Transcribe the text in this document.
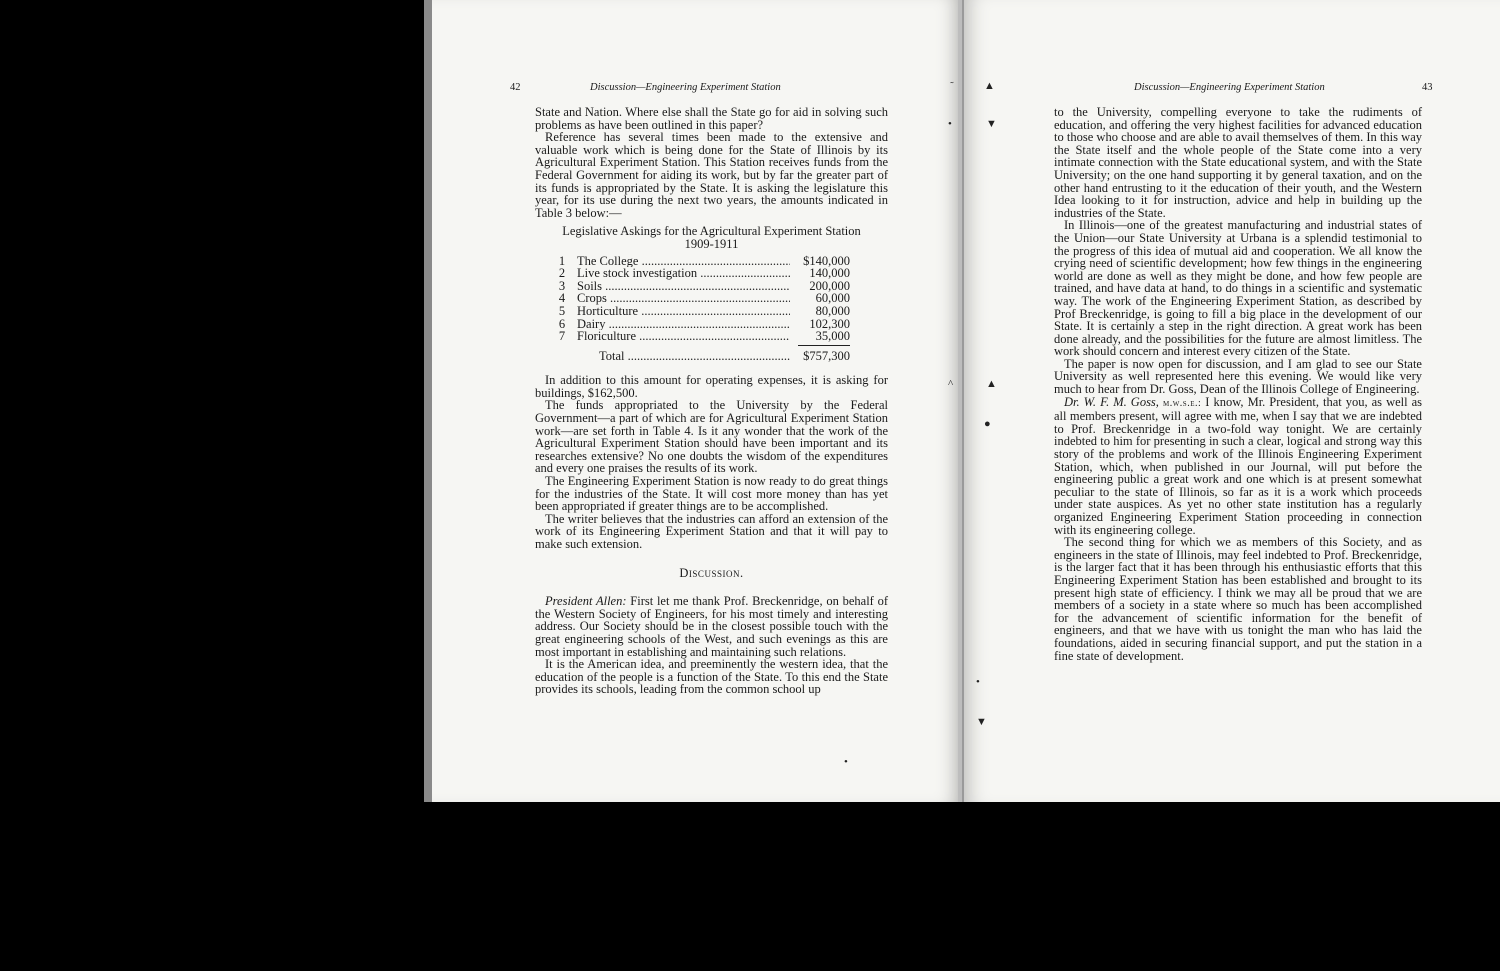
42	Discussion—Engineering Experiment Station

State and Nation. Where else shall the State go for aid in solving such problems as have been outlined in this paper?

Reference has several times been made to the extensive and valuable work which is being done for the State of Illinois by its Agricultural Experiment Station. This Station receives funds from the Federal Government for aiding its work, but by far the greater part of its funds is appropriated by the State. It is asking the legislature this year, for its use during the next two years, the amounts indicated in Table 3 below:—

Legislative Askings for the Agricultural Experiment Station

1909-1911

1 The College .....	$140,000
2 Live stock investigation .....	140,000
3 Soils .....	200,000
4 Crops .....	60,000
5 Horticulture .....	80,000
6 Dairy .....	102,300
7 Floriculture .....	35,000
Total .....	$757,300

In addition to this amount for operating expenses, it is asking for buildings, $162,500.

The funds appropriated to the University by the Federal Government—a part of which are for Agricultural Experiment Station work—are set forth in Table 4. Is it any wonder that the work of the Agricultural Experiment Station should have been important and its researches extensive? No one doubts the wisdom of the expenditures and every one praises the results of its work.

The Engineering Experiment Station is now ready to do great things for the industries of the State. It will cost more money than has yet been appropriated if greater things are to be accomplished.

The writer believes that the industries can afford an extension of the work of its Engineering Experiment Station and that it will pay to make such extension.

Discussion.

President Allen: First let me thank Prof. Breckenridge, on behalf of the Western Society of Engineers, for his most timely and interesting address. Our Society should be in the closest possible touch with the great engineering schools of the West, and such evenings as this are most important in establishing and maintaining such relations.

It is the American idea, and preeminently the western idea, that the education of the people is a function of the State. To this end the State provides its schools, leading from the common school up

˜
•
^
•
Discussion—Engineering Experiment Station	43

to the University, compelling everyone to take the rudiments of education, and offering the very highest facilities for advanced education to those who choose and are able to avail themselves of them. In this way the State itself and the whole people of the State come into a very intimate connection with the State educational system, and with the State University; on the one hand supporting it by general taxation, and on the other hand entrusting to it the education of their youth, and the Western Idea looking to it for instruction, advice and help in building up the industries of the State.

In Illinois—one of the greatest manufacturing and industrial states of the Union—our State University at Urbana is a splendid testimonial to the progress of this idea of mutual aid and cooperation. We all know the crying need of scientific development; how few things in the engineering world are done as well as they might be done, and how few people are trained, and have data at hand, to do things in a scientific and systematic way. The work of the Engineering Experiment Station, as described by Prof Breckenridge, is going to fill a big place in the development of our State. It is certainly a step in the right direction. A great work has been done already, and the possibilities for the future are almost limitless. The work should concern and interest every citizen of the State.

The paper is now open for discussion, and I am glad to see our State University as well represented here this evening. We would like very much to hear from Dr. Goss, Dean of the Illinois College of Engineering.

Dr. W. F. M. Goss, m.w.s.e.: I know, Mr. President, that you, as well as all members present, will agree with me, when I say that we are indebted to Prof. Breckenridge in a two-fold way tonight. We are certainly indebted to him for presenting in such a clear, logical and strong way this story of the problems and work of the Illinois Engineering Experiment Station, which, when published in our Journal, will put before the engineering public a great work and one which is at present somewhat peculiar to the state of Illinois, so far as it is a work which proceeds under state auspices. As yet no other state institution has a regularly organized Engineering Experiment Station proceeding in connection with its engineering college.

The second thing for which we as members of this Society, and as engineers in the state of Illinois, may feel indebted to Prof. Breckenridge, is the larger fact that it has been through his enthusiastic efforts that this Engineering Experiment Station has been established and brought to its present high state of efficiency. I think we may all be proud that we are members of a society in a state where so much has been accomplished for the advancement of scientific information for the benefit of engineers, and that we have with us tonight the man who has laid the foundations, aided in securing financial support, and put the station in a fine state of development.

▲
▼
▲
●
•
▼
